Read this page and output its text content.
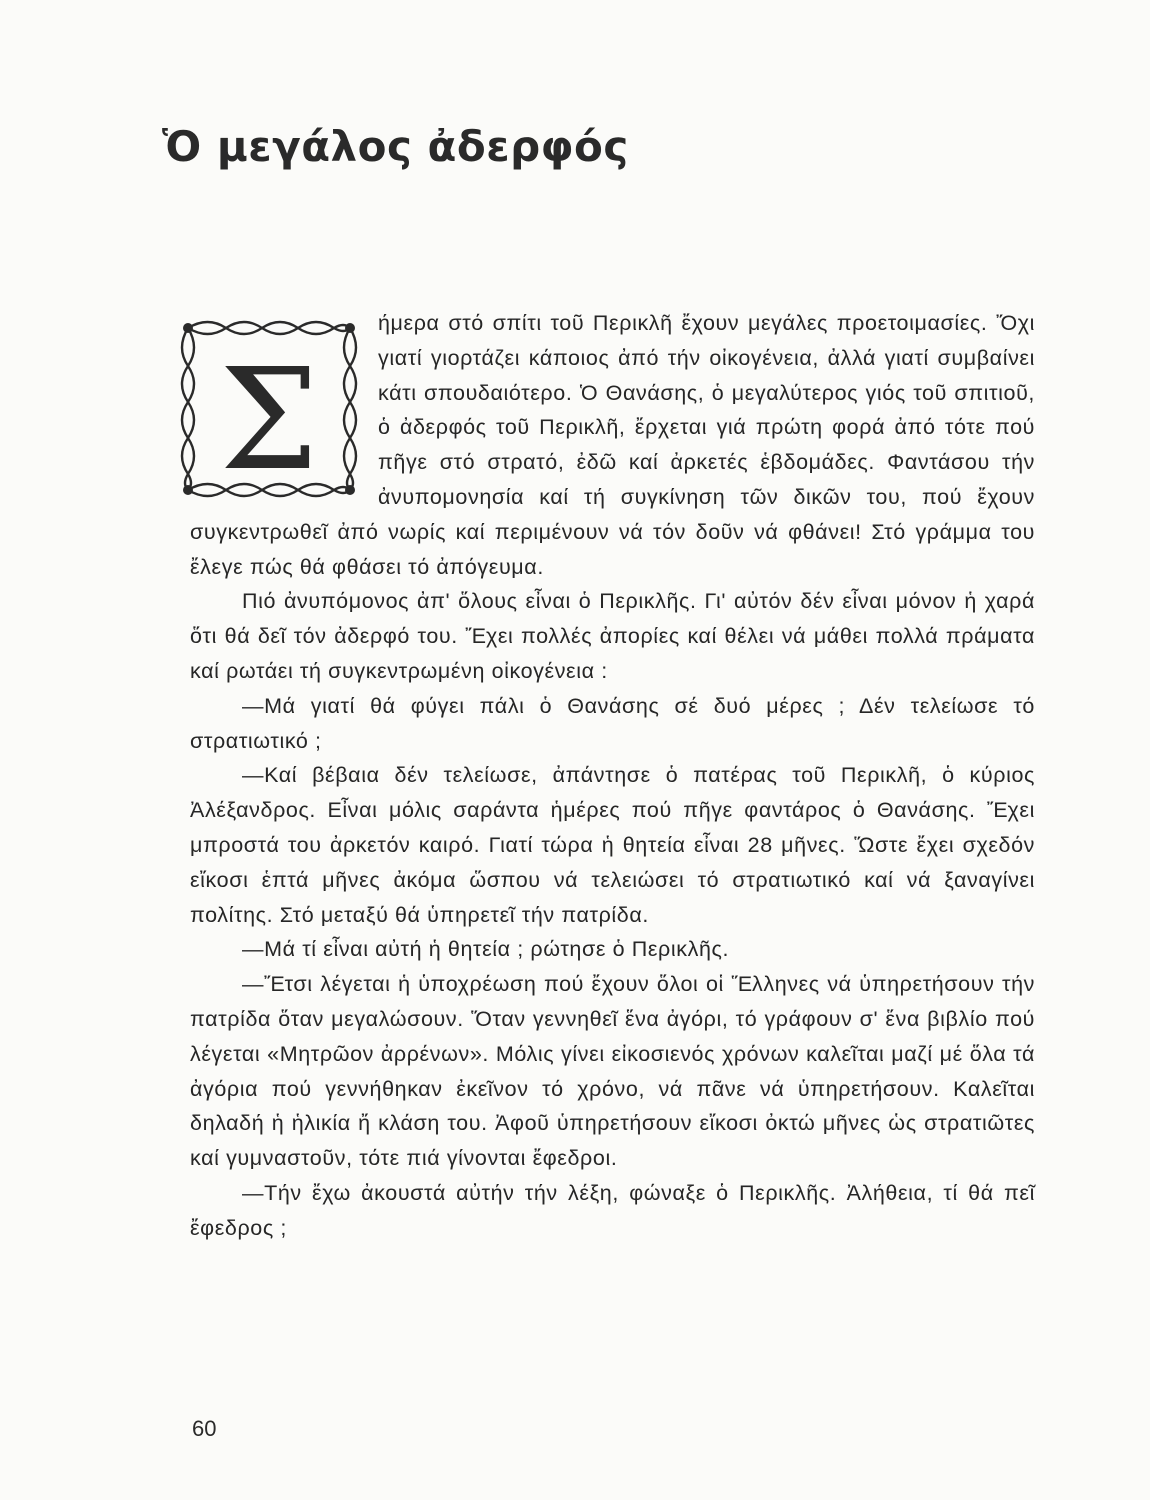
Ὁ μεγάλος ἀδερφός
Σ

ήμερα στό σπίτι τοῦ Περικλῆ ἔχουν μεγάλες προετοιμασίες. Ὄχι γιατί γιορτάζει κάποιος ἀπό τήν οἰκογένεια, ἀλλά γιατί συμβαίνει κάτι σπουδαιότερο. Ὁ Θανάσης, ὁ μεγαλύτερος γιός τοῦ σπιτιοῦ, ὁ ἀδερφός τοῦ Περικλῆ, ἔρχεται γιά πρώτη φορά ἀπό τότε πού πῆγε στό στρατό, ἐδῶ καί ἀρκετές ἑβδομάδες. Φαντάσου τήν ἀνυπομονησία καί τή συγκίνηση τῶν δικῶν του, πού ἔχουν συγκεντρωθεῖ ἀπό νωρίς καί περιμένουν νά τόν δοῦν νά φθάνει! Στό γράμμα του ἔλεγε πώς θά φθάσει τό ἀπόγευμα.

Πιό ἀνυπόμονος ἀπ' ὅλους εἶναι ὁ Περικλῆς. Γι' αὐτόν δέν εἶναι μόνον ἡ χαρά ὅτι θά δεῖ τόν ἀδερφό του. Ἔχει πολλές ἀπορίες καί θέλει νά μάθει πολλά πράματα καί ρωτάει τή συγκεντρωμένη οἰκογένεια :

—Μά γιατί θά φύγει πάλι ὁ Θανάσης σέ δυό μέρες ; Δέν τελείωσε τό στρατιωτικό ;

—Καί βέβαια δέν τελείωσε, ἀπάντησε ὁ πατέρας τοῦ Περικλῆ, ὁ κύριος Ἀλέξανδρος. Εἶναι μόλις σαράντα ἡμέρες πού πῆγε φαντάρος ὁ Θανάσης. Ἔχει μπροστά του ἀρκετόν καιρό. Γιατί τώρα ἡ θητεία εἶναι 28 μῆνες. Ὥστε ἔχει σχεδόν εἴκοσι ἑπτά μῆνες ἀκόμα ὥσπου νά τελειώσει τό στρατιωτικό καί νά ξαναγίνει πολίτης. Στό μεταξύ θά ὑπηρετεῖ τήν πατρίδα.

—Μά τί εἶναι αὐτή ἡ θητεία ; ρώτησε ὁ Περικλῆς.

—Ἔτσι λέγεται ἡ ὑποχρέωση πού ἔχουν ὅλοι οἱ Ἕλληνες νά ὑπηρετήσουν τήν πατρίδα ὅταν μεγαλώσουν. Ὅταν γεννηθεῖ ἕνα ἀγόρι, τό γράφουν σ' ἕνα βιβλίο πού λέγεται «Μητρῶον ἀρρένων». Μόλις γίνει εἰκοσιενός χρόνων καλεῖται μαζί μέ ὅλα τά ἀγόρια πού γεννήθηκαν ἐκεῖνον τό χρόνο, νά πᾶνε νά ὑπηρετήσουν. Καλεῖται δηλαδή ἡ ἡλικία ἤ κλάση του. Ἀφοῦ ὑπηρετήσουν εἴκοσι ὀκτώ μῆνες ὡς στρατιῶτες καί γυμναστοῦν, τότε πιά γίνονται ἔφεδροι.

—Τήν ἔχω ἀκουστά αὐτήν τήν λέξη, φώναξε ὁ Περικλῆς. Ἀλήθεια, τί θά πεῖ ἔφεδρος ;

60
